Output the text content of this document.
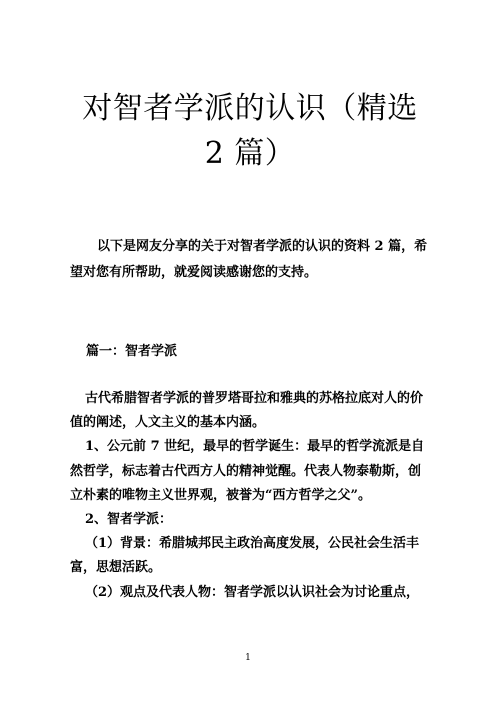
对智者学派的认识（精选 2 篇）
以下是网友分享的关于对智者学派的认识的资料 2 篇，希望对您有所帮助，就爱阅读感谢您的支持。
篇一：智者学派

古代希腊智者学派的普罗塔哥拉和雅典的苏格拉底对人的价值的阐述，人文主义的基本内涵。

1、公元前 7 世纪，最早的哲学诞生：最早的哲学流派是自然哲学，标志着古代西方人的精神觉醒。代表人物泰勒斯，创立朴素的唯物主义世界观，被誉为“西方哲学之父”。

2、智者学派：

（1）背景：希腊城邦民主政治高度发展，公民社会生活丰富，思想活跃。

（2）观点及代表人物：智者学派以认识社会为讨论重点，

1
